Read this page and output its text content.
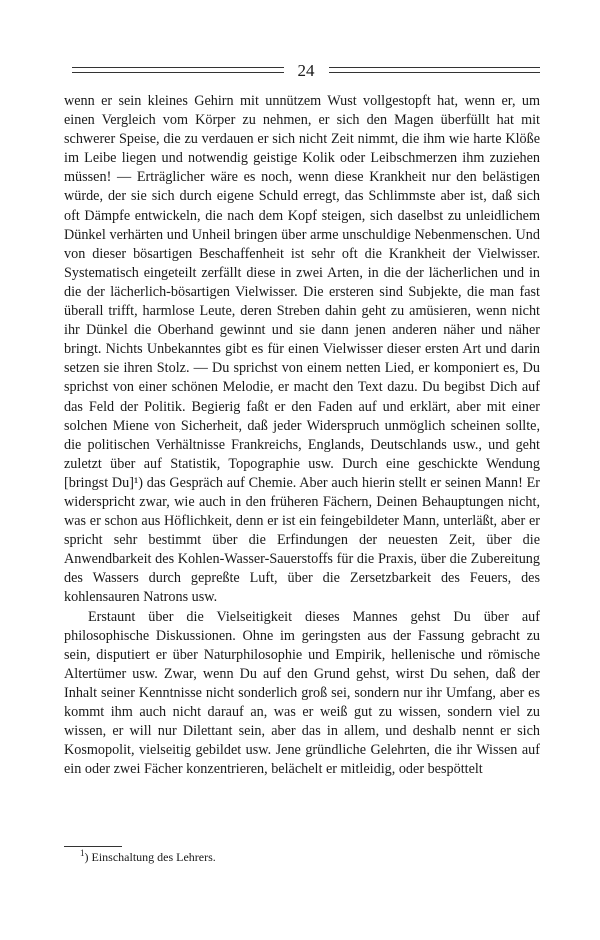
24

wenn er sein kleines Gehirn mit unnützem Wust vollgestopft hat, wenn er, um einen Vergleich vom Körper zu nehmen, er sich den Magen überfüllt hat mit schwerer Speise, die zu verdauen er sich nicht Zeit nimmt, die ihm wie harte Klöße im Leibe liegen und notwendig geistige Kolik oder Leibschmerzen ihm zuziehen müssen! — Erträglicher wäre es noch, wenn diese Krankheit nur den belästigen würde, der sie sich durch eigene Schuld erregt, das Schlimmste aber ist, daß sich oft Dämpfe entwickeln, die nach dem Kopf steigen, sich daselbst zu unleidlichem Dünkel verhärten und Unheil bringen über arme unschuldige Nebenmenschen. Und von dieser bösartigen Beschaffenheit ist sehr oft die Krankheit der Vielwisser. Systematisch eingeteilt zerfällt diese in zwei Arten, in die der lächerlichen und in die der lächerlich-bösartigen Vielwisser. Die ersteren sind Subjekte, die man fast überall trifft, harmlose Leute, deren Streben dahin geht zu amüsieren, wenn nicht ihr Dünkel die Oberhand gewinnt und sie dann jenen anderen näher und näher bringt. Nichts Unbekanntes gibt es für einen Vielwisser dieser ersten Art und darin setzen sie ihren Stolz. — Du sprichst von einem netten Lied, er komponiert es, Du sprichst von einer schönen Melodie, er macht den Text dazu. Du begibst Dich auf das Feld der Politik. Begierig faßt er den Faden auf und erklärt, aber mit einer solchen Miene von Sicherheit, daß jeder Widerspruch unmöglich scheinen sollte, die politischen Verhältnisse Frankreichs, Englands, Deutschlands usw., und geht zuletzt über auf Statistik, Topographie usw. Durch eine geschickte Wendung [bringst Du]¹) das Gespräch auf Chemie. Aber auch hierin stellt er seinen Mann! Er widerspricht zwar, wie auch in den früheren Fächern, Deinen Behauptungen nicht, was er schon aus Höflichkeit, denn er ist ein feingebildeter Mann, unterläßt, aber er spricht sehr bestimmt über die Erfindungen der neuesten Zeit, über die Anwendbarkeit des Kohlen-Wasser-Sauerstoffs für die Praxis, über die Zubereitung des Wassers durch gepreßte Luft, über die Zersetzbarkeit des Feuers, des kohlensauren Natrons usw.

Erstaunt über die Vielseitigkeit dieses Mannes gehst Du über auf philosophische Diskussionen. Ohne im geringsten aus der Fassung gebracht zu sein, disputiert er über Naturphilosophie und Empirik, hellenische und römische Altertümer usw. Zwar, wenn Du auf den Grund gehst, wirst Du sehen, daß der Inhalt seiner Kenntnisse nicht sonderlich groß sei, sondern nur ihr Umfang, aber es kommt ihm auch nicht darauf an, was er weiß gut zu wissen, sondern viel zu wissen, er will nur Dilettant sein, aber das in allem, und deshalb nennt er sich Kosmopolit, vielseitig gebildet usw. Jene gründliche Gelehrten, die ihr Wissen auf ein oder zwei Fächer konzentrieren, belächelt er mitleidig, oder bespöttelt

$^1$) Einschaltung des Lehrers.
